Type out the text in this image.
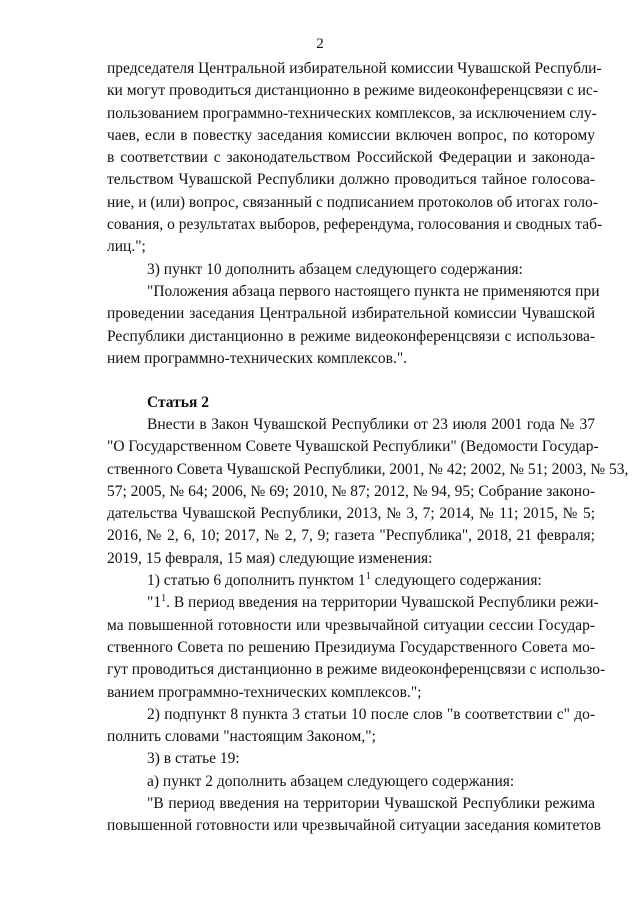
2
председателя Центральной избирательной комиссии Чувашской Республи-
ки могут проводиться дистанционно в режиме видеоконференцсвязи с ис-
пользованием программно-технических комплексов, за исключением слу-
чаев, если в повестку заседания комиссии включен вопрос, по которому
в соответствии с законодательством Российской Федерации и законода-
тельством Чувашской Республики должно проводиться тайное голосова-
ние, и (или) вопрос, связанный с подписанием протоколов об итогах голо-
сования, о результатах выборов, референдума, голосования и сводных таб-
лиц.";
3) пункт 10 дополнить абзацем следующего содержания:
"Положения абзаца первого настоящего пункта не применяются при
проведении заседания Центральной избирательной комиссии Чувашской
Республики дистанционно в режиме видеоконференцсвязи с использова-
нием программно-технических комплексов.".
Статья 2
Внести в Закон Чувашской Республики от 23 июля 2001 года № 37
"О Государственном Совете Чувашской Республики" (Ведомости Государ-
ственного Совета Чувашской Республики, 2001, № 42; 2002, № 51; 2003, № 53,
57; 2005, № 64; 2006, № 69; 2010, № 87; 2012, № 94, 95; Собрание законо-
дательства Чувашской Республики, 2013, № 3, 7; 2014, № 11; 2015, № 5;
2016, № 2, 6, 10; 2017, № 2, 7, 9; газета "Республика", 2018, 21 февраля;
2019, 15 февраля, 15 мая) следующие изменения:
1) статью 6 дополнить пунктом $1^1$ следующего содержания:
"$1^1$. В период введения на территории Чувашской Республики режи-
ма повышенной готовности или чрезвычайной ситуации сессии Государ-
ственного Совета по решению Президиума Государственного Совета мо-
гут проводиться дистанционно в режиме видеоконференцсвязи с использо-
ванием программно-технических комплексов.";
2) подпункт 8 пункта 3 статьи 10 после слов "в соответствии с" до-
полнить словами "настоящим Законом,";
3) в статье 19:
а) пункт 2 дополнить абзацем следующего содержания:
"В период введения на территории Чувашской Республики режима
повышенной готовности или чрезвычайной ситуации заседания комитетов
